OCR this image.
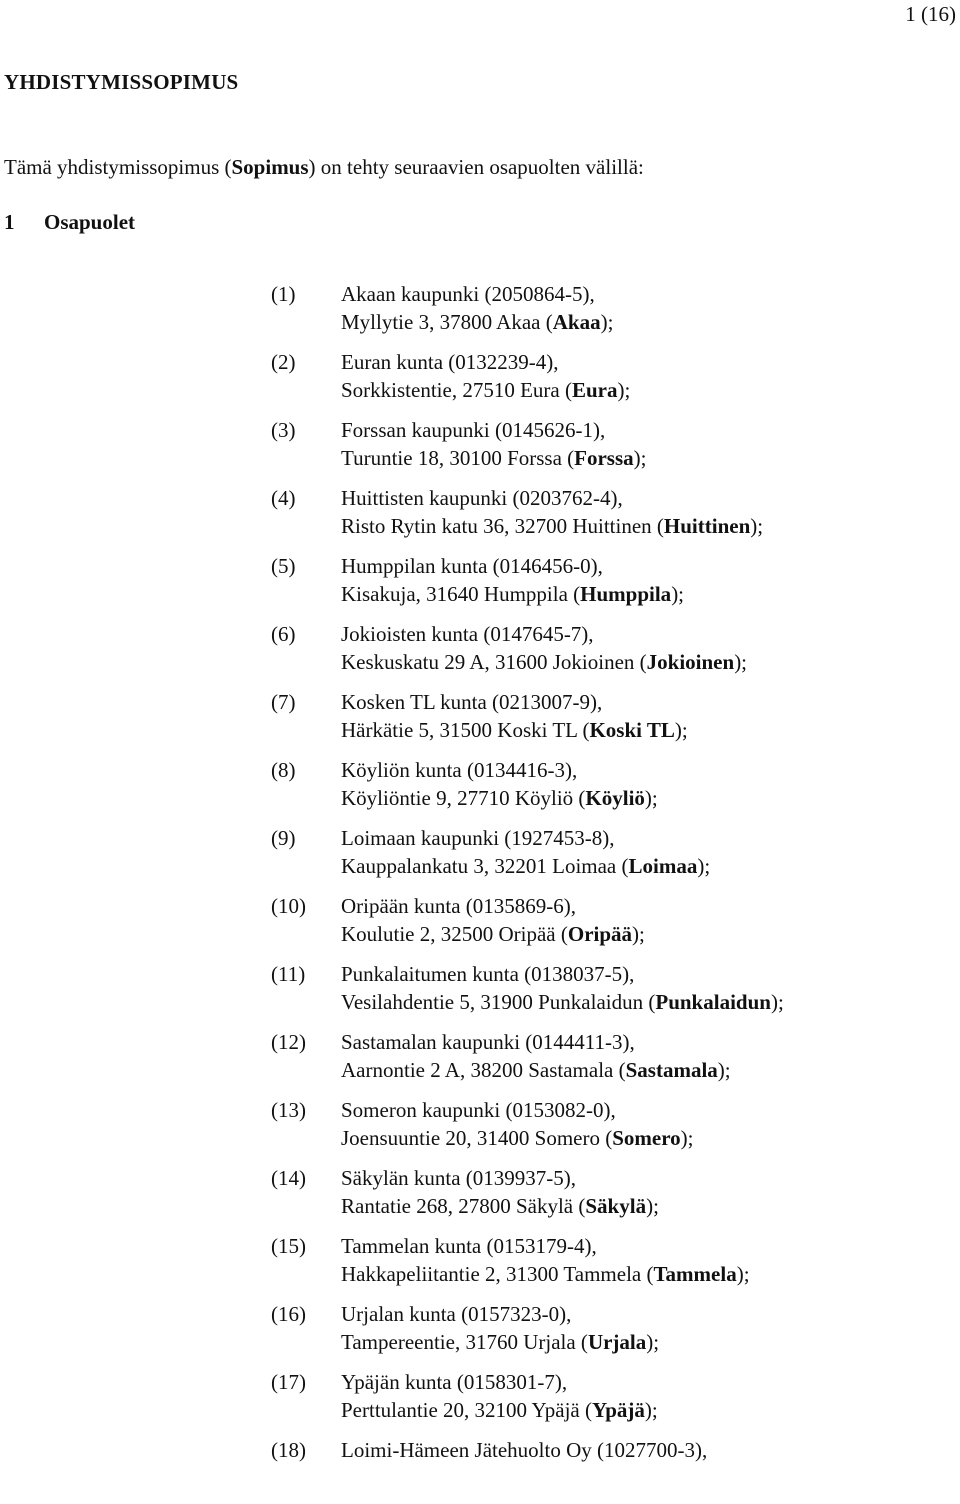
1 (16)
YHDISTYMISSOPIMUS
Tämä yhdistymissopimus (Sopimus) on tehty seuraavien osapuolten välillä:
1 Osapuolet
(1)	Akaan kaupunki (2050864-5),
Myllytie 3, 37800 Akaa (Akaa);
(2)	Euran kunta (0132239-4),
Sorkkistentie, 27510 Eura (Eura);
(3)	Forssan kaupunki (0145626-1),
Turuntie 18, 30100 Forssa (Forssa);
(4)	Huittisten kaupunki (0203762-4),
Risto Rytin katu 36, 32700 Huittinen (Huittinen);
(5)	Humppilan kunta (0146456-0),
Kisakuja, 31640 Humppila (Humppila);
(6)	Jokioisten kunta (0147645-7),
Keskuskatu 29 A, 31600 Jokioinen (Jokioinen);
(7)	Kosken TL kunta (0213007-9),
Härkätie 5, 31500 Koski TL (Koski TL);
(8)	Köyliön kunta (0134416-3),
Köyliöntie 9, 27710 Köyliö (Köyliö);
(9)	Loimaan kaupunki (1927453-8),
Kauppalankatu 3, 32201 Loimaa (Loimaa);
(10)	Oripään kunta (0135869-6),
Koulutie 2, 32500 Oripää (Oripää);
(11)	Punkalaitumen kunta (0138037-5),
Vesilahdentie 5, 31900 Punkalaidun (Punkalaidun);
(12)	Sastamalan kaupunki (0144411-3),
Aarnontie 2 A, 38200 Sastamala (Sastamala);
(13)	Someron kaupunki (0153082-0),
Joensuuntie 20, 31400 Somero (Somero);
(14)	Säkylän kunta (0139937-5),
Rantatie 268, 27800 Säkylä (Säkylä);
(15)	Tammelan kunta (0153179-4),
Hakkapeliitantie 2, 31300 Tammela (Tammela);
(16)	Urjalan kunta (0157323-0),
Tampereentie, 31760 Urjala (Urjala);
(17)	Ypäjän kunta (0158301-7),
Perttulantie 20, 32100 Ypäjä (Ypäjä);
(18)	Loimi-Hämeen Jätehuolto Oy (1027700-3),
